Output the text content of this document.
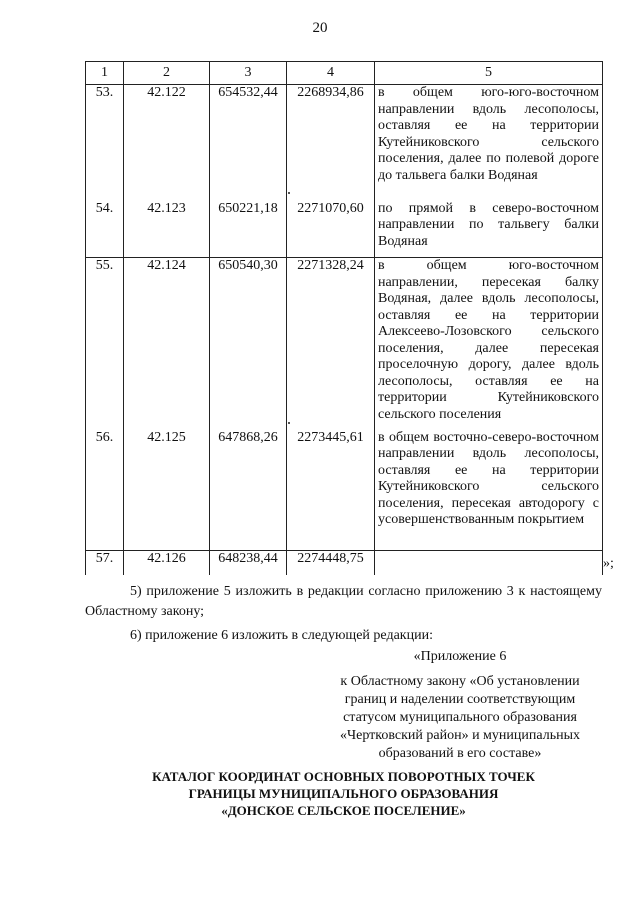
20
1	2	3	4	5
53.	42.122	654532,44	2268934,86	в общем юго-юго-восточном направлении вдоль лесополосы, оставляя ее на территории Кутейниковского сельского поселения, далее по полевой дороге до тальвега балки Водяная
54.	42.123	650221,18	2271070,60	по прямой в северо-восточном направлении по тальвегу балки Водяная
55.	42.124	650540,30	2271328,24	в общем юго-восточном направлении, пересекая балку Водяная, далее вдоль лесополосы, оставляя ее на территории Алексеево-Лозовского сельского поселения, далее пересекая проселочную дорогу, далее вдоль лесополосы, оставляя ее на территории Кутейниковского сельского поселения
56.	42.125	647868,26	2273445,61	в общем восточно-северо-восточном направлении вдоль лесополосы, оставляя ее на территории Кутейниковского сельского поселения, пересекая автодорогу с усовершенствованным покрытием
57.	42.126	648238,44	2274448,75		»;
5) приложение 5 изложить в редакции согласно приложению 3 к настоящему Областному закону;
6) приложение 6 изложить в следующей редакции:
«Приложение 6
к Областному закону «Об установлении
границ и наделении соответствующим
статусом муниципального образования
«Чертковский район» и муниципальных
образований в его составе»
КАТАЛОГ КООРДИНАТ ОСНОВНЫХ ПОВОРОТНЫХ ТОЧЕК
ГРАНИЦЫ МУНИЦИПАЛЬНОГО ОБРАЗОВАНИЯ
«ДОНСКОЕ СЕЛЬСКОЕ ПОСЕЛЕНИЕ»
